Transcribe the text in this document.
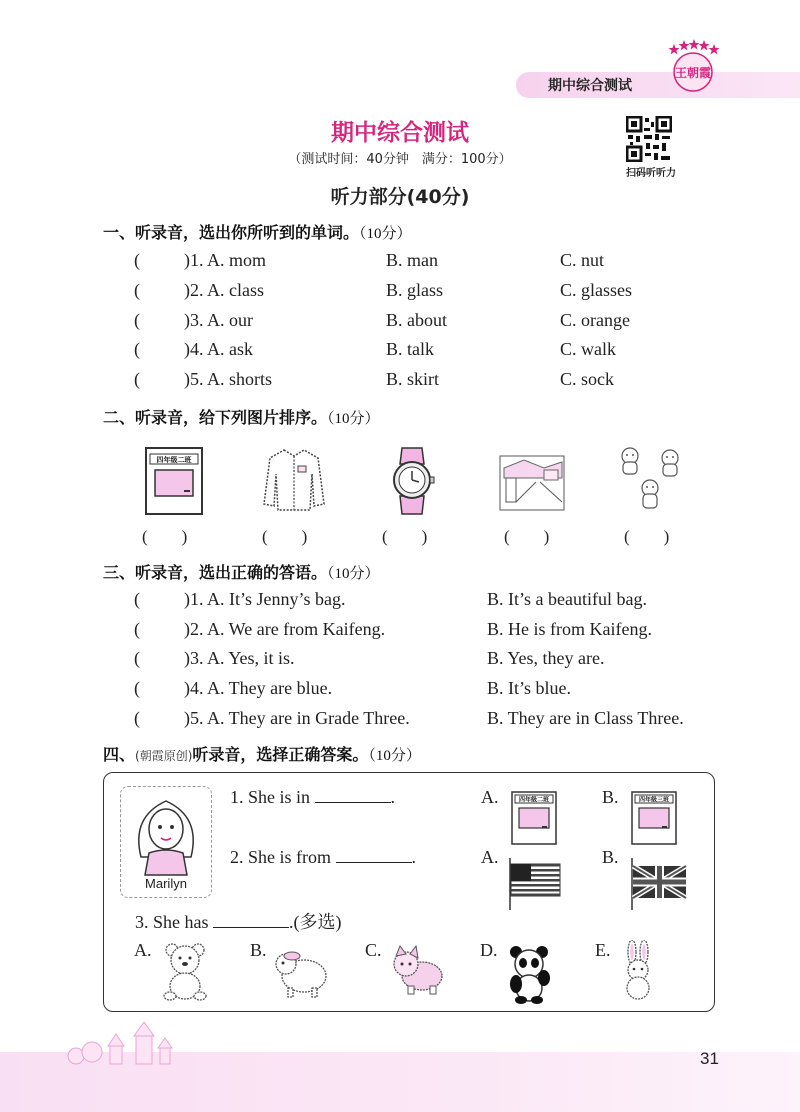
期中综合测试
王朝霞
期中综合测试
（测试时间：40分钟　满分：100分）
扫码听听力
听力部分(40分)
一、听录音，选出你所听到的单词。（10分）
( )1. A. mom	B. man	C. nut
( )2. A. class	B. glass	C. glasses
( )3. A. our	B. about	C. orange
( )4. A. ask	B. talk	C. walk
( )5. A. shorts	B. skirt	C. sock
二、听录音，给下列图片排序。（10分）
四年级二班
(　　)	(　　)	(　　)	(　　)	(　　)
三、听录音，选出正确的答语。（10分）
( )1. A. It’s Jenny’s bag.	B. It’s a beautiful bag.
( )2. A. We are from Kaifeng.	B. He is from Kaifeng.
( )3. A. Yes, it is.	B. Yes, they are.
( )4. A. They are blue.	B. It’s blue.
( )5. A. They are in Grade Three.	B. They are in Class Three.
四、(朝霞原创)听录音，选择正确答案。（10分）
Marilyn
1. She is in	.	A.	B.
四年级二班	四年级三班
2. She is from	.	A.	B.
3. She has	.(多选)
A.	B.	C.	D.	E.
31
